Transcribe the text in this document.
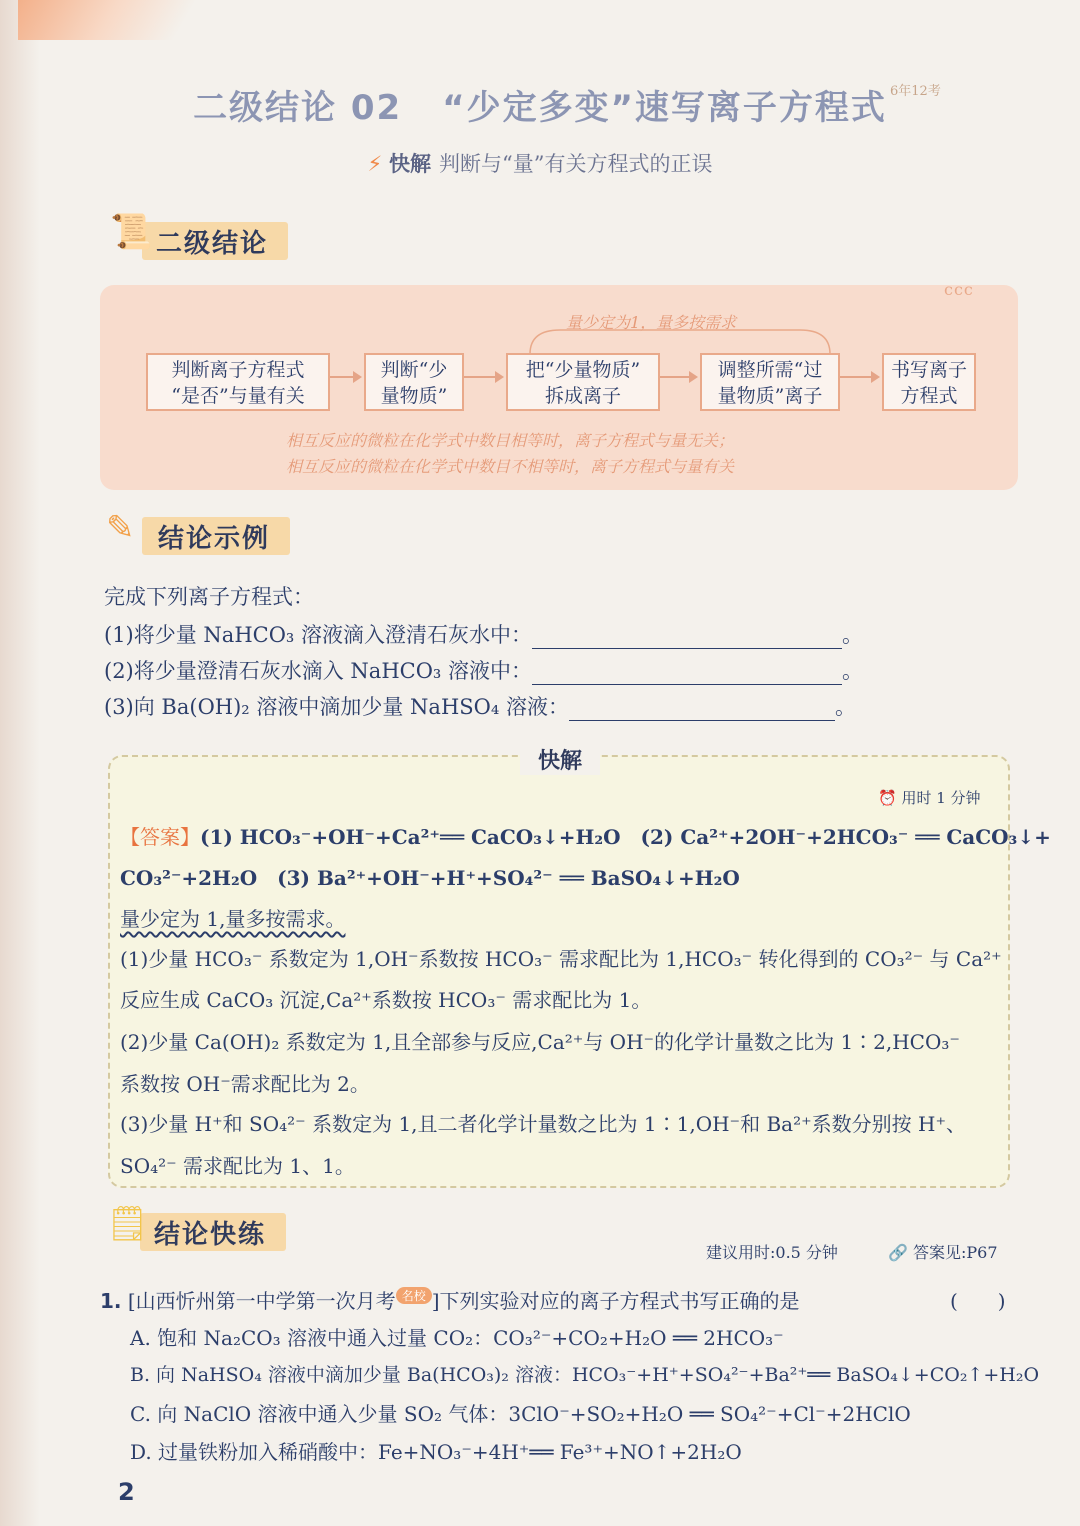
二级结论 02 “少定多变”速写离子方程式 6年12考
⚡ 快解 判断与“量”有关方程式的正误
📜 二级结论
ccc
量少定为1，量多按需求
判断离子方程式
“是否”与量有关
判断“少
量物质”
把“少量物质”
拆成离子
调整所需“过
量物质”离子
书写离子
方程式
相互反应的微粒在化学式中数目相等时，离子方程式与量无关；
相互反应的微粒在化学式中数目不相等时，离子方程式与量有关
✎ 结论示例
完成下列离子方程式：
(1)将少量 NaHCO₃ 溶液滴入澄清石灰水中：	。
(2)将少量澄清石灰水滴入 NaHCO₃ 溶液中：	。
(3)向 Ba(OH)₂ 溶液中滴加少量 NaHSO₄ 溶液：	。
快解
⏰ 用时 1 分钟
【答案】(1) HCO₃⁻+OH⁻+Ca²⁺══ CaCO₃↓+H₂O　(2) Ca²⁺+2OH⁻+2HCO₃⁻ ══ CaCO₃↓+
CO₃²⁻+2H₂O　(3) Ba²⁺+OH⁻+H⁺+SO₄²⁻ ══ BaSO₄↓+H₂O
量少定为 1,量多按需求。
(1)少量 HCO₃⁻ 系数定为 1,OH⁻系数按 HCO₃⁻ 需求配比为 1,HCO₃⁻ 转化得到的 CO₃²⁻ 与 Ca²⁺
反应生成 CaCO₃ 沉淀,Ca²⁺系数按 HCO₃⁻ 需求配比为 1。
(2)少量 Ca(OH)₂ 系数定为 1,且全部参与反应,Ca²⁺与 OH⁻的化学计量数之比为 1∶2,HCO₃⁻
系数按 OH⁻需求配比为 2。
(3)少量 H⁺和 SO₄²⁻ 系数定为 1,且二者化学计量数之比为 1∶1,OH⁻和 Ba²⁺系数分别按 H⁺、
SO₄²⁻ 需求配比为 1、1。
🗒 结论快练
建议用时:0.5 分钟	🔗 答案见:P67
1. [山西忻州第一中学第一次月考 名校 ]下列实验对应的离子方程式书写正确的是	(　　)
A. 饱和 Na₂CO₃ 溶液中通入过量 CO₂：CO₃²⁻+CO₂+H₂O ══ 2HCO₃⁻
B. 向 NaHSO₄ 溶液中滴加少量 Ba(HCO₃)₂ 溶液：HCO₃⁻+H⁺+SO₄²⁻+Ba²⁺══ BaSO₄↓+CO₂↑+H₂O
C. 向 NaClO 溶液中通入少量 SO₂ 气体：3ClO⁻+SO₂+H₂O ══ SO₄²⁻+Cl⁻+2HClO
D. 过量铁粉加入稀硝酸中：Fe+NO₃⁻+4H⁺══ Fe³⁺+NO↑+2H₂O
2
